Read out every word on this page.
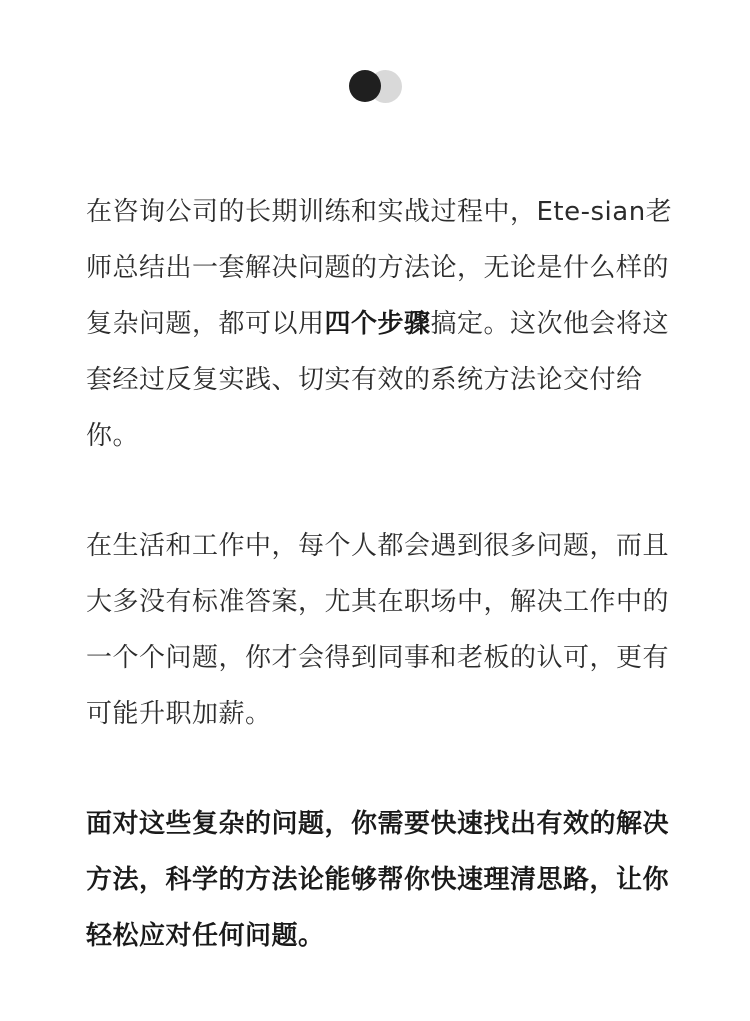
在咨询公司的长期训练和实战过程中，Ete-sian老师总结出一套解决问题的方法论，无论是什么样的复杂问题，都可以用四个步骤搞定。这次他会将这套经过反复实践、切实有效的系统方法论交付给你。

在生活和工作中，每个人都会遇到很多问题，而且大多没有标准答案，尤其在职场中，解决工作中的一个个问题，你才会得到同事和老板的认可，更有可能升职加薪。

面对这些复杂的问题，你需要快速找出有效的解决方法，科学的方法论能够帮你快速理清思路，让你轻松应对任何问题。
